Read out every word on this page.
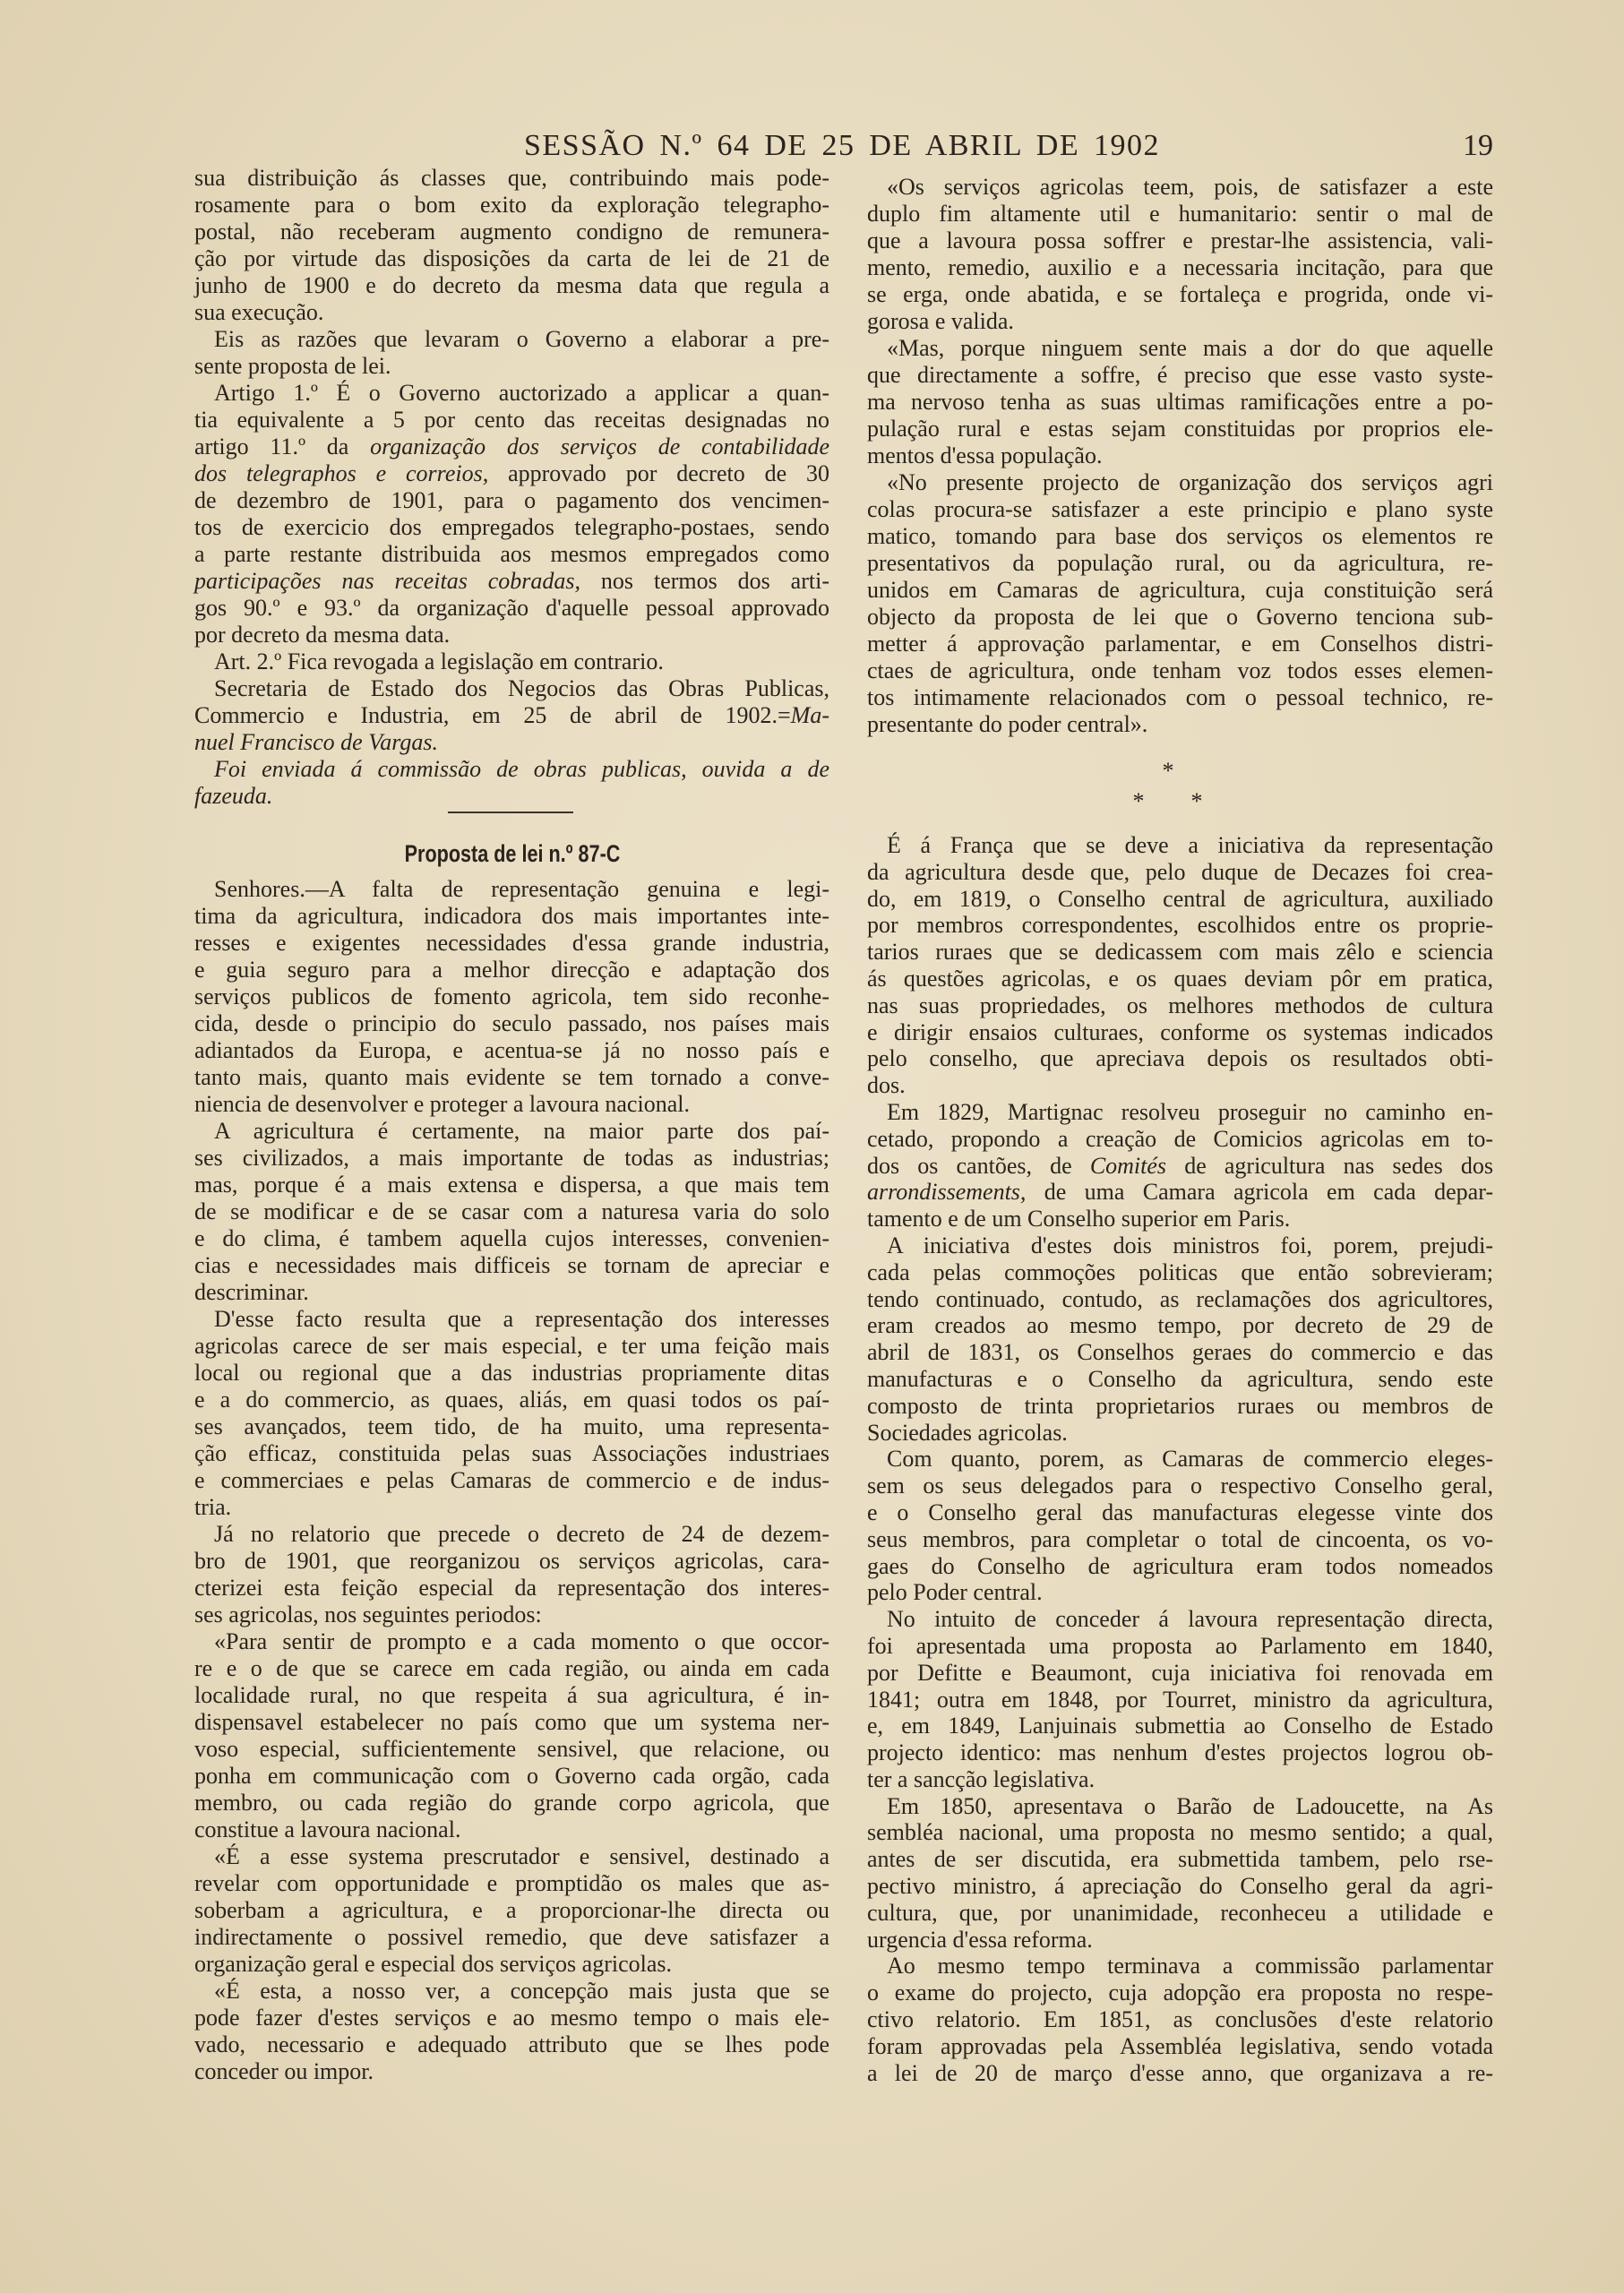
SESSÃO N.º 64 DE 25 DE ABRIL DE 1902	19
sua distribuição ás classes que, contribuindo mais pode-
rosamente para o bom exito da exploração telegrapho-
postal, não receberam augmento condigno de remunera-
ção por virtude das disposições da carta de lei de 21 de
junho de 1900 e do decreto da mesma data que regula a
sua execução.
Eis as razões que levaram o Governo a elaborar a pre-
sente proposta de lei.
Artigo 1.º É o Governo auctorizado a applicar a quan-
tia equivalente a 5 por cento das receitas designadas no
artigo 11.º da organização dos serviços de contabilidade
dos telegraphos e correios, approvado por decreto de 30
de dezembro de 1901, para o pagamento dos vencimen-
tos de exercicio dos empregados telegrapho-postaes, sendo
a parte restante distribuida aos mesmos empregados como
participações nas receitas cobradas, nos termos dos arti-
gos 90.º e 93.º da organização d'aquelle pessoal approvado
por decreto da mesma data.
Art. 2.º Fica revogada a legislação em contrario.
Secretaria de Estado dos Negocios das Obras Publicas,
Commercio e Industria, em 25 de abril de 1902.=Ma-
nuel Francisco de Vargas.
Foi enviada á commissão de obras publicas, ouvida a de
fazeuda.
Proposta de lei n.º 87-C
Senhores.—A falta de representação genuina e legi-
tima da agricultura, indicadora dos mais importantes inte-
resses e exigentes necessidades d'essa grande industria,
e guia seguro para a melhor direcção e adaptação dos
serviços publicos de fomento agricola, tem sido reconhe-
cida, desde o principio do seculo passado, nos países mais
adiantados da Europa, e acentua-se já no nosso país e
tanto mais, quanto mais evidente se tem tornado a conve-
niencia de desenvolver e proteger a lavoura nacional.
A agricultura é certamente, na maior parte dos paí-
ses civilizados, a mais importante de todas as industrias;
mas, porque é a mais extensa e dispersa, a que mais tem
de se modificar e de se casar com a naturesa varia do solo
e do clima, é tambem aquella cujos interesses, convenien-
cias e necessidades mais difficeis se tornam de apreciar e
descriminar.
D'esse facto resulta que a representação dos interesses
agricolas carece de ser mais especial, e ter uma feição mais
local ou regional que a das industrias propriamente ditas
e a do commercio, as quaes, aliás, em quasi todos os paí-
ses avançados, teem tido, de ha muito, uma representa-
ção efficaz, constituida pelas suas Associações industriaes
e commerciaes e pelas Camaras de commercio e de indus-
tria.
Já no relatorio que precede o decreto de 24 de dezem-
bro de 1901, que reorganizou os serviços agricolas, cara-
cterizei esta feição especial da representação dos interes-
ses agricolas, nos seguintes periodos:
«Para sentir de prompto e a cada momento o que occor-
re e o de que se carece em cada região, ou ainda em cada
localidade rural, no que respeita á sua agricultura, é in-
dispensavel estabelecer no país como que um systema ner-
voso especial, sufficientemente sensivel, que relacione, ou
ponha em communicação com o Governo cada orgão, cada
membro, ou cada região do grande corpo agricola, que
constitue a lavoura nacional.
«É a esse systema prescrutador e sensivel, destinado a
revelar com opportunidade e promptidão os males que as-
soberbam a agricultura, e a proporcionar-lhe directa ou
indirectamente o possivel remedio, que deve satisfazer a
organização geral e especial dos serviços agricolas.
«É esta, a nosso ver, a concepção mais justa que se
pode fazer d'estes serviços e ao mesmo tempo o mais ele-
vado, necessario e adequado attributo que se lhes pode
conceder ou impor.
«Os serviços agricolas teem, pois, de satisfazer a este
duplo fim altamente util e humanitario: sentir o mal de
que a lavoura possa soffrer e prestar-lhe assistencia, vali-
mento, remedio, auxilio e a necessaria incitação, para que
se erga, onde abatida, e se fortaleça e progrida, onde vi-
gorosa e valida.
«Mas, porque ninguem sente mais a dor do que aquelle
que directamente a soffre, é preciso que esse vasto syste-
ma nervoso tenha as suas ultimas ramificações entre a po-
pulação rural e estas sejam constituidas por proprios ele-
mentos d'essa população.
«No presente projecto de organização dos serviços agri
colas procura-se satisfazer a este principio e plano syste
matico, tomando para base dos serviços os elementos re
presentativos da população rural, ou da agricultura, re-
unidos em Camaras de agricultura, cuja constituição será
objecto da proposta de lei que o Governo tenciona sub-
metter á approvação parlamentar, e em Conselhos distri-
ctaes de agricultura, onde tenham voz todos esses elemen-
tos intimamente relacionados com o pessoal technico, re-
presentante do poder central».
*
*	*
É á França que se deve a iniciativa da representação
da agricultura desde que, pelo duque de Decazes foi crea-
do, em 1819, o Conselho central de agricultura, auxiliado
por membros correspondentes, escolhidos entre os proprie-
tarios ruraes que se dedicassem com mais zêlo e sciencia
ás questões agricolas, e os quaes deviam pôr em pratica,
nas suas propriedades, os melhores methodos de cultura
e dirigir ensaios culturaes, conforme os systemas indicados
pelo conselho, que apreciava depois os resultados obti-
dos.
Em 1829, Martignac resolveu proseguir no caminho en-
cetado, propondo a creação de Comicios agricolas em to-
dos os cantões, de Comités de agricultura nas sedes dos
arrondissements, de uma Camara agricola em cada depar-
tamento e de um Conselho superior em Paris.
A iniciativa d'estes dois ministros foi, porem, prejudi-
cada pelas commoções politicas que então sobrevieram;
tendo continuado, contudo, as reclamações dos agricultores,
eram creados ao mesmo tempo, por decreto de 29 de
abril de 1831, os Conselhos geraes do commercio e das
manufacturas e o Conselho da agricultura, sendo este
composto de trinta proprietarios ruraes ou membros de
Sociedades agricolas.
Com quanto, porem, as Camaras de commercio eleges-
sem os seus delegados para o respectivo Conselho geral,
e o Conselho geral das manufacturas elegesse vinte dos
seus membros, para completar o total de cincoenta, os vo-
gaes do Conselho de agricultura eram todos nomeados
pelo Poder central.
No intuito de conceder á lavoura representação directa,
foi apresentada uma proposta ao Parlamento em 1840,
por Defitte e Beaumont, cuja iniciativa foi renovada em
1841; outra em 1848, por Tourret, ministro da agricultura,
e, em 1849, Lanjuinais submettia ao Conselho de Estado
projecto identico: mas nenhum d'estes projectos logrou ob-
ter a sancção legislativa.
Em 1850, apresentava o Barão de Ladoucette, na As
sembléa nacional, uma proposta no mesmo sentido; a qual,
antes de ser discutida, era submettida tambem, pelo rse-
pectivo ministro, á apreciação do Conselho geral da agri-
cultura, que, por unanimidade, reconheceu a utilidade e
urgencia d'essa reforma.
Ao mesmo tempo terminava a commissão parlamentar
o exame do projecto, cuja adopção era proposta no respe-
ctivo relatorio. Em 1851, as conclusões d'este relatorio
foram approvadas pela Assembléa legislativa, sendo votada
a lei de 20 de março d'esse anno, que organizava a re-
